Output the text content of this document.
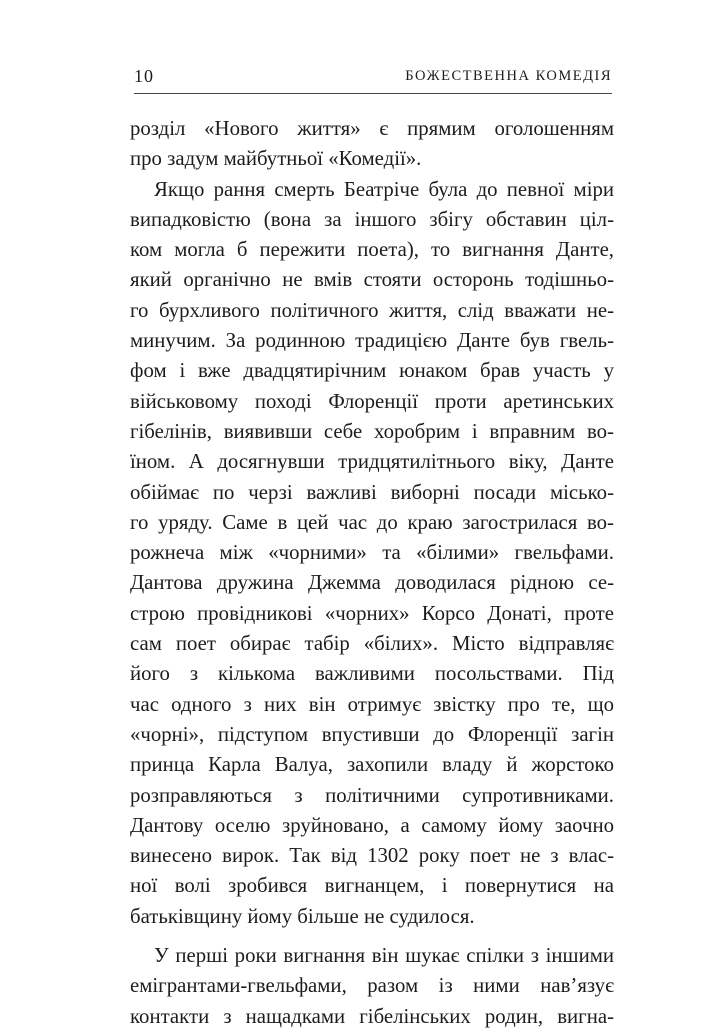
10	БОЖЕСТВЕННА КОМЕДІЯ
розділ «Нового життя» є прямим оголошенням
про задум майбутньої «Комедії».
Якщо рання смерть Беатріче була до певної міри
випадковістю (вона за іншого збігу обставин ціл-
ком могла б пережити поета), то вигнання Данте,
який органічно не вмів стояти осторонь тодішньо-
го бурхливого політичного життя, слід вважати не-
минучим. За родинною традицією Данте був гвель-
фом і вже двадцятирічним юнаком брав участь у
військовому поході Флоренції проти аретинських
гібелінів, виявивши себе хоробрим і вправним во-
їном. А досягнувши тридцятилітнього віку, Данте
обіймає по черзі важливі виборні посади місько-
го уряду. Саме в цей час до краю загострилася во-
рожнеча між «чорними» та «білими» гвельфами.
Дантова дружина Джемма доводилася рідною се-
строю провідникові «чорних» Корсо Донаті, проте
сам поет обирає табір «білих». Місто відправляє
його з кількома важливими посольствами. Під
час одного з них він отримує звістку про те, що
«чорні», підступом впустивши до Флоренції загін
принца Карла Валуа, захопили владу й жорстоко
розправляються з політичними супротивниками.
Дантову оселю зруйновано, а самому йому заочно
винесено вирок. Так від 1302 року поет не з влас-
ної волі зробився вигнанцем, і повернутися на
батьківщину йому більше не судилося.
У перші роки вигнання він шукає спілки з іншими
емігрантами-гвельфами, разом із ними нав’язує
контакти з нащадками гібелінських родин, вигна-
